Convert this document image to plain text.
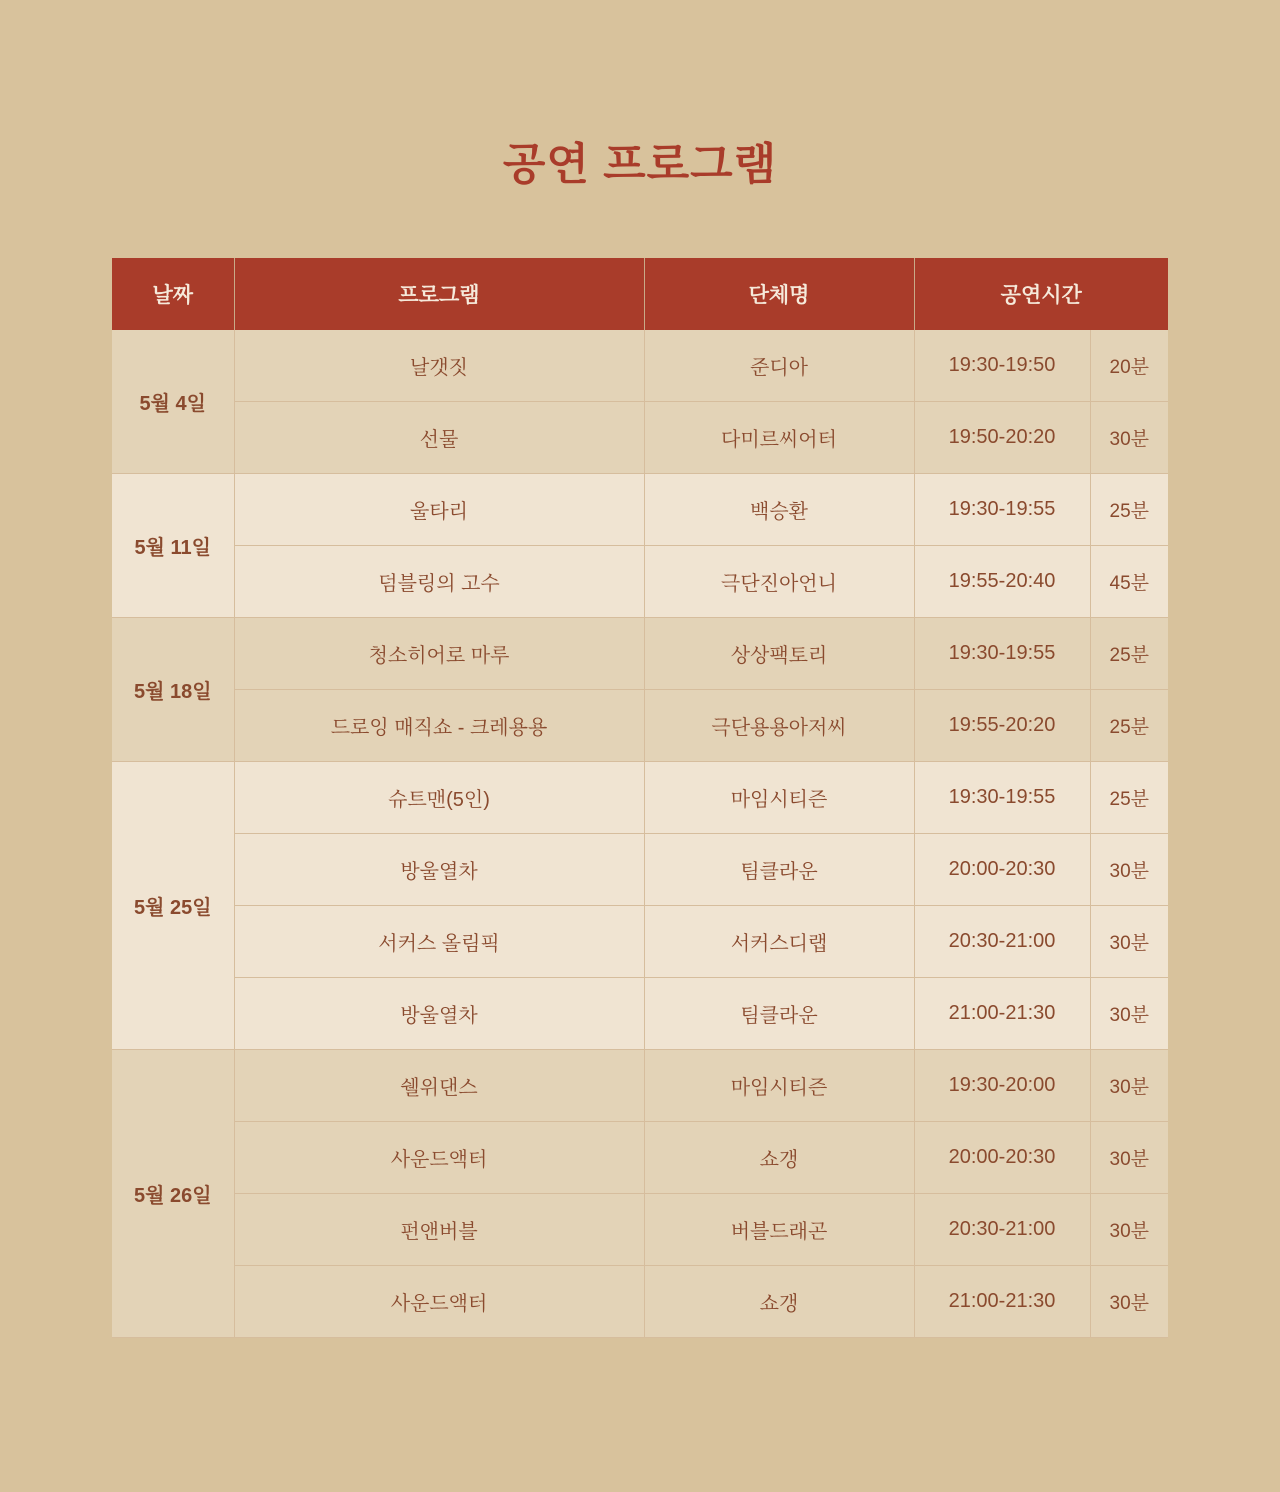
공연 프로그램
날짜	프로그램	단체명	공연시간	
5월 4일	날갯짓	준디아	19:30-19:50	20분
	선물	다미르씨어터	19:50-20:20	30분
5월 11일	울타리	백승환	19:30-19:55	25분
	덤블링의 고수	극단진아언니	19:55-20:40	45분
5월 18일	청소히어로 마루	상상팩토리	19:30-19:55	25분
	드로잉 매직쇼 - 크레용용	극단용용아저씨	19:55-20:20	25분
5월 25일	슈트맨(5인)	마임시티즌	19:30-19:55	25분
	방울열차	팀클라운	20:00-20:30	30분
	서커스 올림픽	서커스디랩	20:30-21:00	30분
	방울열차	팀클라운	21:00-21:30	30분
5월 26일	쉘위댄스	마임시티즌	19:30-20:00	30분
	사운드액터	쇼갱	20:00-20:30	30분
	펀앤버블	버블드래곤	20:30-21:00	30분
	사운드액터	쇼갱	21:00-21:30	30분
